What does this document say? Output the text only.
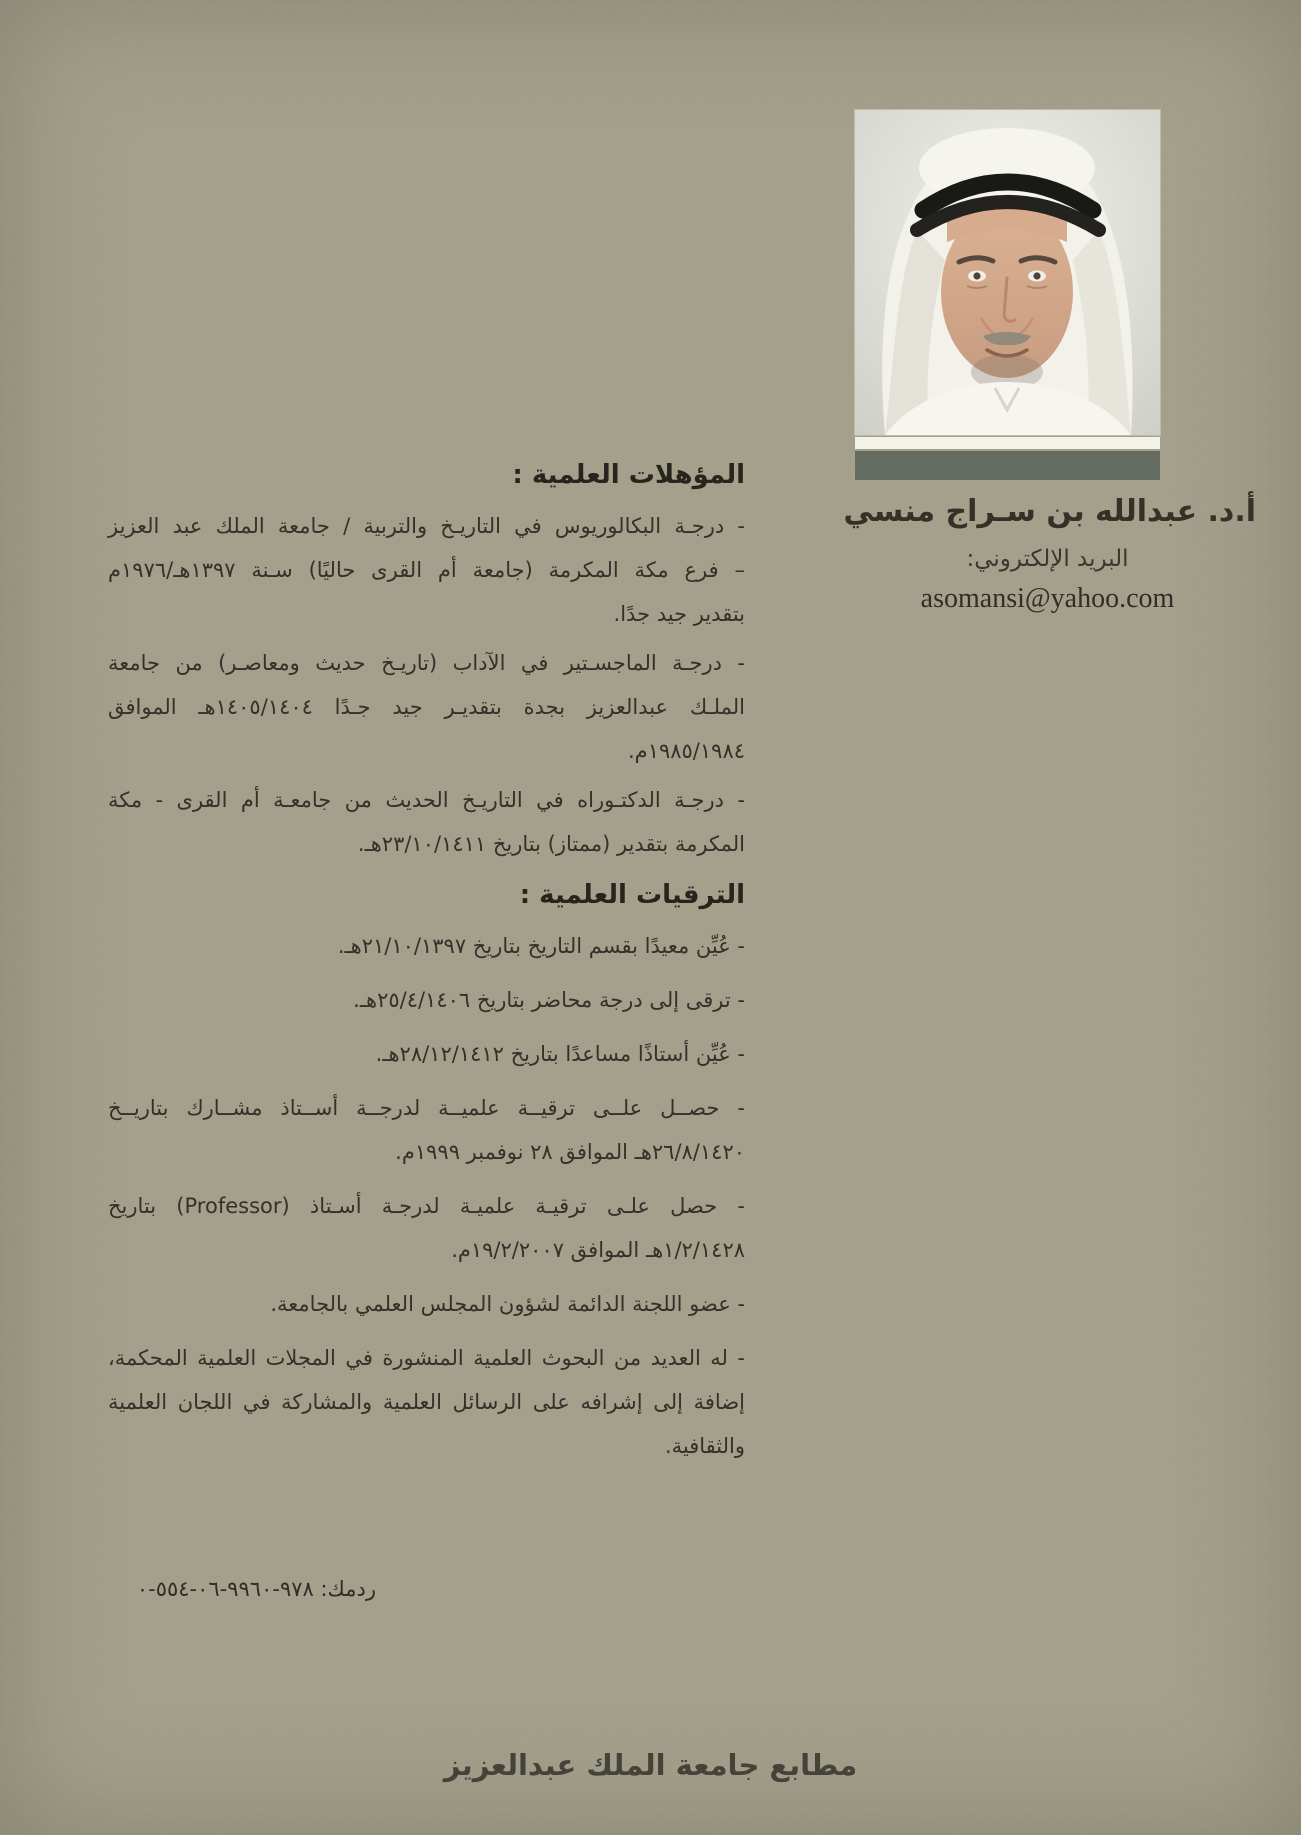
أ.د. عبدالله بن سـراج منسي
البريد الإلكتروني:
asomansi@yahoo.com
المؤهلات العلمية :
- درجـة البكالوريوس في التاريـخ والتربية / جامعة الملك عبد العزيز
– فرع مكة المكرمة (جامعة أم القرى حاليًا) سـنة ١٣٩٧هـ/١٩٧٦م
بتقدير جيد جدًا.
- درجـة الماجسـتير في الآداب (تاريـخ حديث ومعاصـر) من جامعة
الملـك عبدالعزيز بجدة بتقديـر جيد جـدًا ١٤٠٥/١٤٠٤هـ الموافق
١٩٨٥/١٩٨٤م.
- درجـة الدكتـوراه في التاريـخ الحديث من جامعـة أم القرى - مكة
المكرمة بتقدير (ممتاز) بتاريخ ٢٣/١٠/١٤١١هـ.
الترقيات العلمية :
- عُيِّن معيدًا بقسم التاريخ بتاريخ ٢١/١٠/١٣٩٧هـ.
- ترقى إلى درجة محاضر بتاريخ ٢٥/٤/١٤٠٦هـ.
- عُيِّن أستاذًا مساعدًا بتاريخ ٢٨/١٢/١٤١٢هـ.
- حصــل علــى ترقيــة علميــة لدرجــة أســتاذ مشــارك بتاريــخ
٢٦/٨/١٤٢٠هـ الموافق ٢٨ نوفمبر ١٩٩٩م.
- حصل علـى ترقيـة علميـة لدرجـة أسـتاذ (Professor) بتاريخ
١/٢/١٤٢٨هـ الموافق ١٩/٢/٢٠٠٧م.
- عضو اللجنة الدائمة لشؤون المجلس العلمي بالجامعة.
- له العديد من البحوث العلمية المنشورة في المجلات العلمية المحكمة،
إضافة إلى إشرافه على الرسائل العلمية والمشاركة في اللجان العلمية
والثقافية.
ردمك: ٩٧٨-٩٩٦٠-٠٦-٥٥٤-٠
مطابع جامعة الملك عبدالعزيز
